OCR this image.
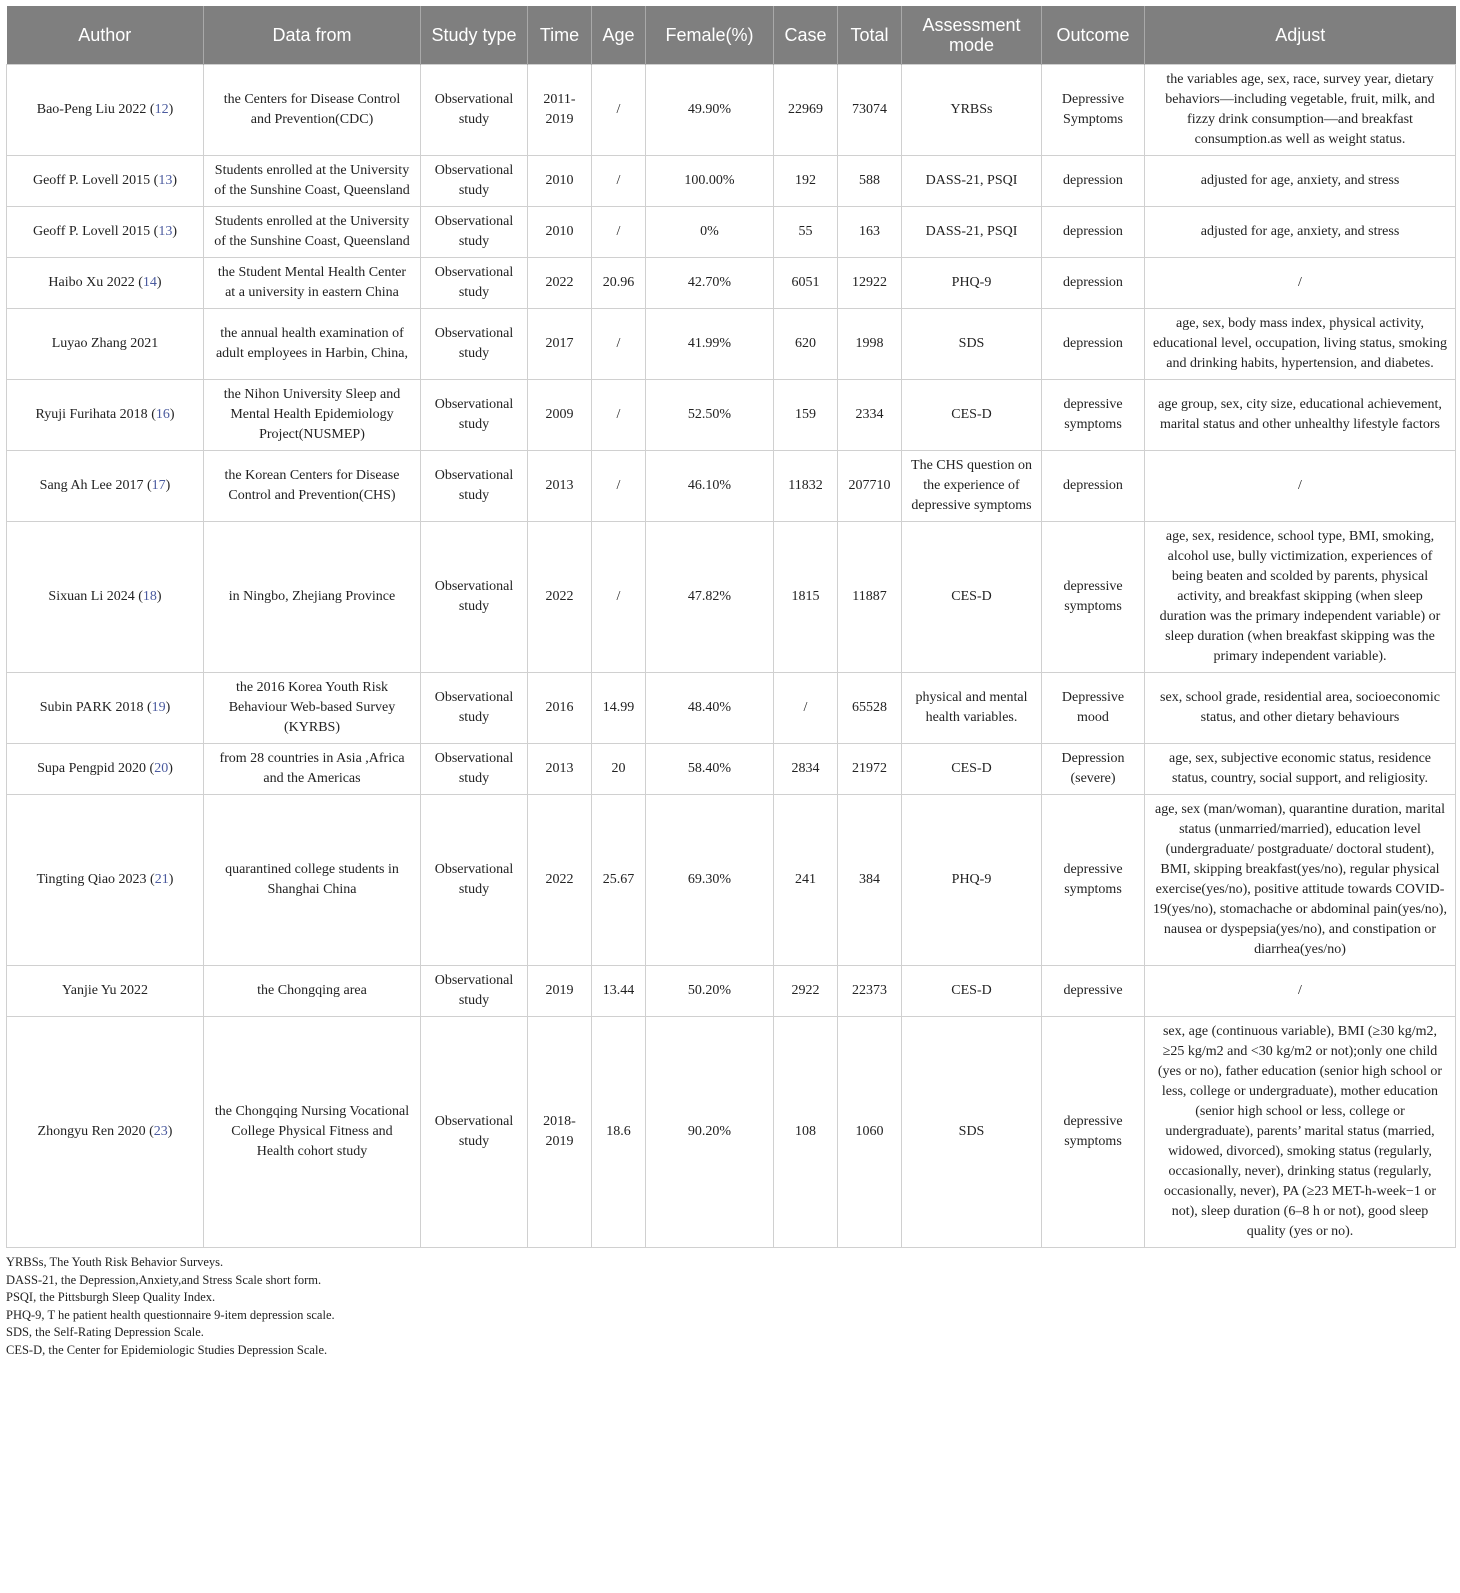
Author	Data from	Study type	Time	Age	Female(%)	Case	Total	Assessment mode	Outcome	Adjust
Bao-Peng Liu 2022 (12)	the Centers for Disease Control and Prevention(CDC)	Observational study	2011-2019	/	49.90%	22969	73074	YRBSs	Depressive Symptoms	the variables age, sex, race, survey year, dietary behaviors—including vegetable, fruit, milk, and fizzy drink consumption—and breakfast consumption.as well as weight status.
Geoff P. Lovell 2015 (13)	Students enrolled at the University of the Sunshine Coast, Queensland	Observational study	2010	/	100.00%	192	588	DASS-21, PSQI	depression	adjusted for age, anxiety, and stress
Geoff P. Lovell 2015 (13)	Students enrolled at the University of the Sunshine Coast, Queensland	Observational study	2010	/	0%	55	163	DASS-21, PSQI	depression	adjusted for age, anxiety, and stress
Haibo Xu 2022 (14)	the Student Mental Health Center at a university in eastern China	Observational study	2022	20.96	42.70%	6051	12922	PHQ-9	depression	/
Luyao Zhang 2021	the annual health examination of adult employees in Harbin, China,	Observational study	2017	/	41.99%	620	1998	SDS	depression	age, sex, body mass index, physical activity, educational level, occupation, living status, smoking and drinking habits, hypertension, and diabetes.
Ryuji Furihata 2018 (16)	the Nihon University Sleep and Mental Health Epidemiology Project(NUSMEP)	Observational study	2009	/	52.50%	159	2334	CES-D	depressive symptoms	age group, sex, city size, educational achievement, marital status and other unhealthy lifestyle factors
Sang Ah Lee 2017 (17)	the Korean Centers for Disease Control and Prevention(CHS)	Observational study	2013	/	46.10%	11832	207710	The CHS question on the experience of depressive symptoms	depression	/
Sixuan Li 2024 (18)	in Ningbo, Zhejiang Province	Observational study	2022	/	47.82%	1815	11887	CES-D	depressive symptoms	age, sex, residence, school type, BMI, smoking, alcohol use, bully victimization, experiences of being beaten and scolded by parents, physical activity, and breakfast skipping (when sleep duration was the primary independent variable) or sleep duration (when breakfast skipping was the primary independent variable).
Subin PARK 2018 (19)	the 2016 Korea Youth Risk Behaviour Web-based Survey (KYRBS)	Observational study	2016	14.99	48.40%	/	65528	physical and mental health variables.	Depressive mood	sex, school grade, residential area, socioeconomic status, and other dietary behaviours
Supa Pengpid 2020 (20)	from 28 countries in Asia ,Africa and the Americas	Observational study	2013	20	58.40%	2834	21972	CES-D	Depression (severe)	age, sex, subjective economic status, residence status, country, social support, and religiosity.
Tingting Qiao 2023 (21)	quarantined college students in Shanghai China	Observational study	2022	25.67	69.30%	241	384	PHQ-9	depressive symptoms	age, sex (man/woman), quarantine duration, marital status (unmarried/married), education level (undergraduate/ postgraduate/ doctoral student), BMI, skipping breakfast(yes/no), regular physical exercise(yes/no), positive attitude towards COVID-19(yes/no), stomachache or abdominal pain(yes/no), nausea or dyspepsia(yes/no), and constipation or diarrhea(yes/no)
Yanjie Yu 2022	the Chongqing area	Observational study	2019	13.44	50.20%	2922	22373	CES-D	depressive	/
Zhongyu Ren 2020 (23)	the Chongqing Nursing Vocational College Physical Fitness and Health cohort study	Observational study	2018-2019	18.6	90.20%	108	1060	SDS	depressive symptoms	sex, age (continuous variable), BMI (≥30 kg/m2, ≥25 kg/m2 and <30 kg/m2 or not);only one child (yes or no), father education (senior high school or less, college or undergraduate), mother education (senior high school or less, college or undergraduate), parents’ marital status (married, widowed, divorced), smoking status (regularly, occasionally, never), drinking status (regularly, occasionally, never), PA (≥23 MET-h-week−1 or not), sleep duration (6–8 h or not), good sleep quality (yes or no).
YRBSs, The Youth Risk Behavior Surveys.
DASS-21, the Depression,Anxiety,and Stress Scale short form.
PSQI, the Pittsburgh Sleep Quality Index.
PHQ-9, T he patient health questionnaire 9-item depression scale.
SDS, the Self-Rating Depression Scale.
CES-D, the Center for Epidemiologic Studies Depression Scale.
